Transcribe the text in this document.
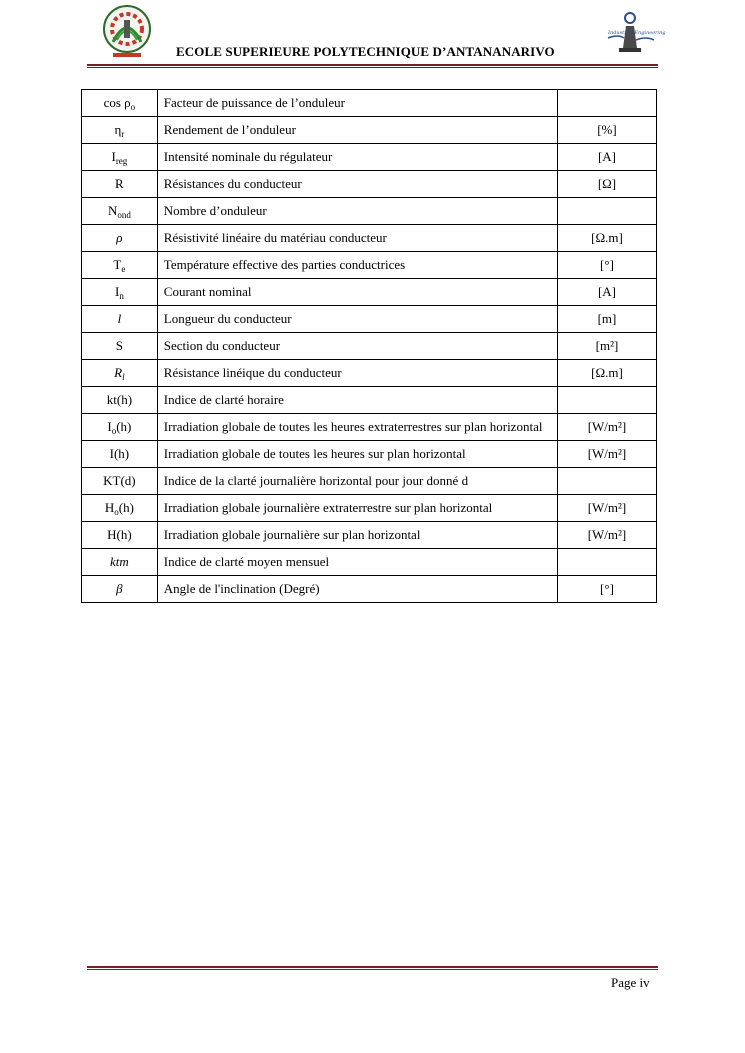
ECOLE SUPERIEURE POLYTECHNIQUE D’ANTANANARIVO
Industrial Engineering
$\cos \rho_o$	Facteur de puissance de l’onduleur	
$\eta_r$	Rendement de l’onduleur	[%]
$I_{reg}$	Intensité nominale du régulateur	[A]
R	Résistances du conducteur	[Ω]
$N_{ond}$	Nombre d’onduleur	
ρ	Résistivité linéaire du matériau conducteur	[Ω.m]
$T_e$	Température effective des parties conductrices	[°]
$I_n$	Courant nominal	[A]
l	Longueur du conducteur	[m]
S	Section du conducteur	[m²]
$R_l$	Résistance linéique du conducteur	[Ω.m]
kt(h)	Indice de clarté horaire	
$I_o(h)$	Irradiation globale de toutes les heures extraterrestres sur plan horizontal	[W/m²]
I(h)	Irradiation globale de toutes les heures sur plan horizontal	[W/m²]
KT(d)	Indice de la clarté journalière horizontal pour jour donné d	
$H_o(h)$	Irradiation globale journalière extraterrestre sur plan horizontal	[W/m²]
H(h)	Irradiation globale journalière sur plan horizontal	[W/m²]
ktm	Indice de clarté moyen mensuel	
β	Angle de l'inclination (Degré)	[°]
Page iv
